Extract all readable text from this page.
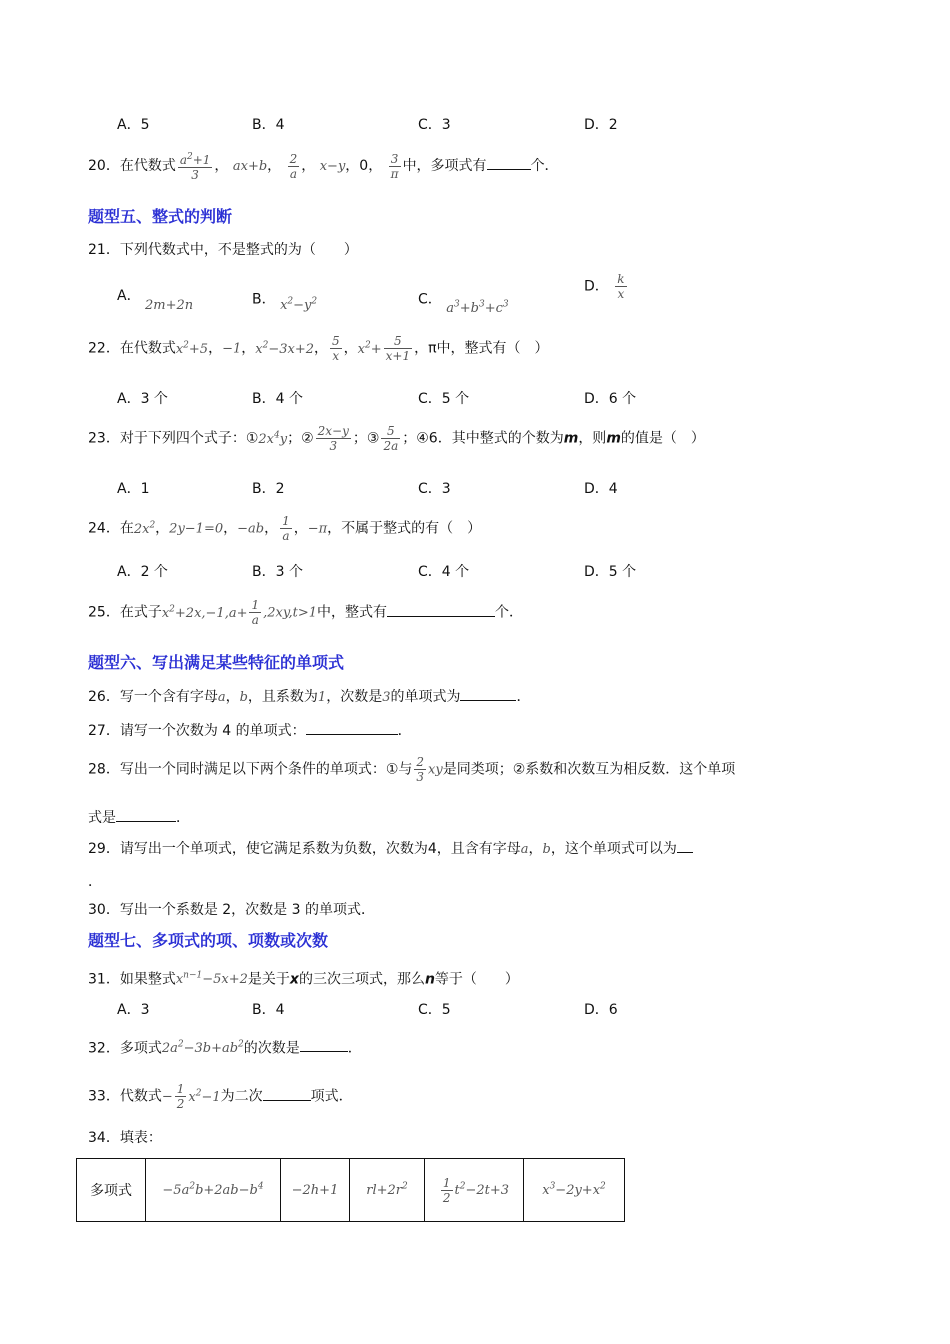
A．5	B．4	C．3	D．2
20．在代数式 $\frac{a^2+1}{3}$ ， ax+b， $\frac{2}{a}$ ， x−y，0， $\frac{3}{\pi}$ 中，多项式有	个．
题型五、整式的判断
21．下列代数式中，不是整式的为（　　）
A． 2m+2n	B． $x^2-y^2$	C． $a^3+b^3+c^3$
D． $\frac{k}{x}$
22．在代数式$x^2+5$，−1，$x^2-3x+2$， $\frac{5}{x}$ ，$x^2+ \frac{5}{x+1}$ ，π中，整式有（　）
A．3 个	B．4 个	C．5 个	D．6 个
23．对于下列四个式子：$①2x^4y$；② $\frac{2x-y}{3}$ ；③ $\frac{5}{2a}$ ；④6．其中整式的个数为m，则m的值是（　）
A．1	B．2	C．3	D．4
24．在$2x^2$，2y−1=0，−ab， $\frac{1}{a}$ ，−π，不属于整式的有（　）
A．2 个	B．3 个	C．4 个	D．5 个
25．在式子$x^2+2x,-1,a+ \frac{1}{a} ,2xy,t>1$中，整式有	个．
题型六、写出满足某些特征的单项式
26．写一个含有字母a，b，且系数为1，次数是3的单项式为	．
27．请写一个次数为 4 的单项式：	．
28．写出一个同时满足以下两个条件的单项式：①与 $\frac{2}{3}$ xy是同类项；②系数和次数互为相反数．这个单项
式是	．
29．请写出一个单项式，使它满足系数为负数，次数为4，且含有字母a，b，这个单项式可以为
．
30．写出一个系数是 2，次数是 3 的单项式．
题型七、多项式的项、项数或次数
31．如果整式$x^{n-1}-5x+2$是关于x的三次三项式，那么n等于（　　）
A．3	B．4	C．5	D．6
32．多项式$2a^2-3b+ab^2$的次数是	．
33．代数式− $\frac{1}{2} x^2-1$为二次	项式．
34．填表：
多项式	$-5a^2b+2ab-b^4$	−2h+1	$rl+2r^2$	$\frac{1}{2} t^2-2t+3$	$x^3-2y+x^2$
